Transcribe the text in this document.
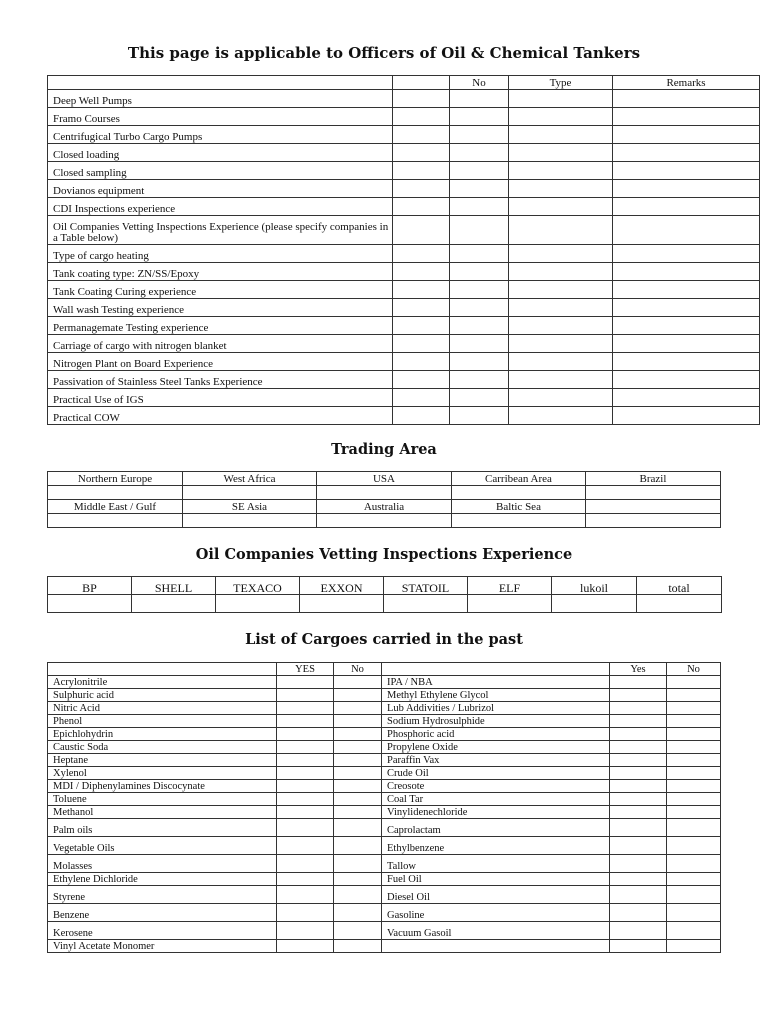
This page is applicable to Officers of Oil & Chemical Tankers
		No	Type	Remarks
Deep Well Pumps				
Framo Courses				
Centrifugical Turbo Cargo Pumps				
Closed loading				
Closed sampling				
Dovianos equipment				
CDI Inspections experience				
Oil Companies Vetting Inspections Experience (please specify companies in a Table below)				
Type of cargo heating				
Tank coating type: ZN/SS/Epoxy				
Tank Coating Curing experience				
Wall wash Testing experience				
Permanagemate Testing experience				
Carriage of cargo with nitrogen blanket				
Nitrogen Plant on Board Experience				
Passivation of Stainless Steel Tanks Experience				
Practical Use of IGS				
Practical COW				
Trading Area
Northern Europe	West Africa	USA	Carribean Area	Brazil

Middle East / Gulf	SE Asia	Australia	Baltic Sea	

Oil Companies Vetting Inspections Experience
BP	SHELL	TEXACO	EXXON	STATOIL	ELF	lukoil	total

List of Cargoes carried in the past
	YES	No		Yes	No
Acrylonitrile			IPA / NBA		
Sulphuric acid			Methyl Ethylene Glycol		
Nitric Acid			Lub Addivities / Lubrizol		
Phenol			Sodium Hydrosulphide		
Epichlohydrin			Phosphoric acid		
Caustic Soda			Propylene Oxide		
Heptane			Paraffin Vax		
Xylenol			Crude Oil		
MDI / Diphenylamines Discocynate			Creosote		
Toluene			Coal Tar		
Methanol			Vinylidenechloride		
Palm oils			Caprolactam		
Vegetable Oils			Ethylbenzene		
Molasses			Tallow		
Ethylene Dichloride			Fuel Oil		
Styrene			Diesel Oil		
Benzene			Gasoline		
Kerosene			Vacuum Gasoil		
Vinyl Acetate Monomer					
